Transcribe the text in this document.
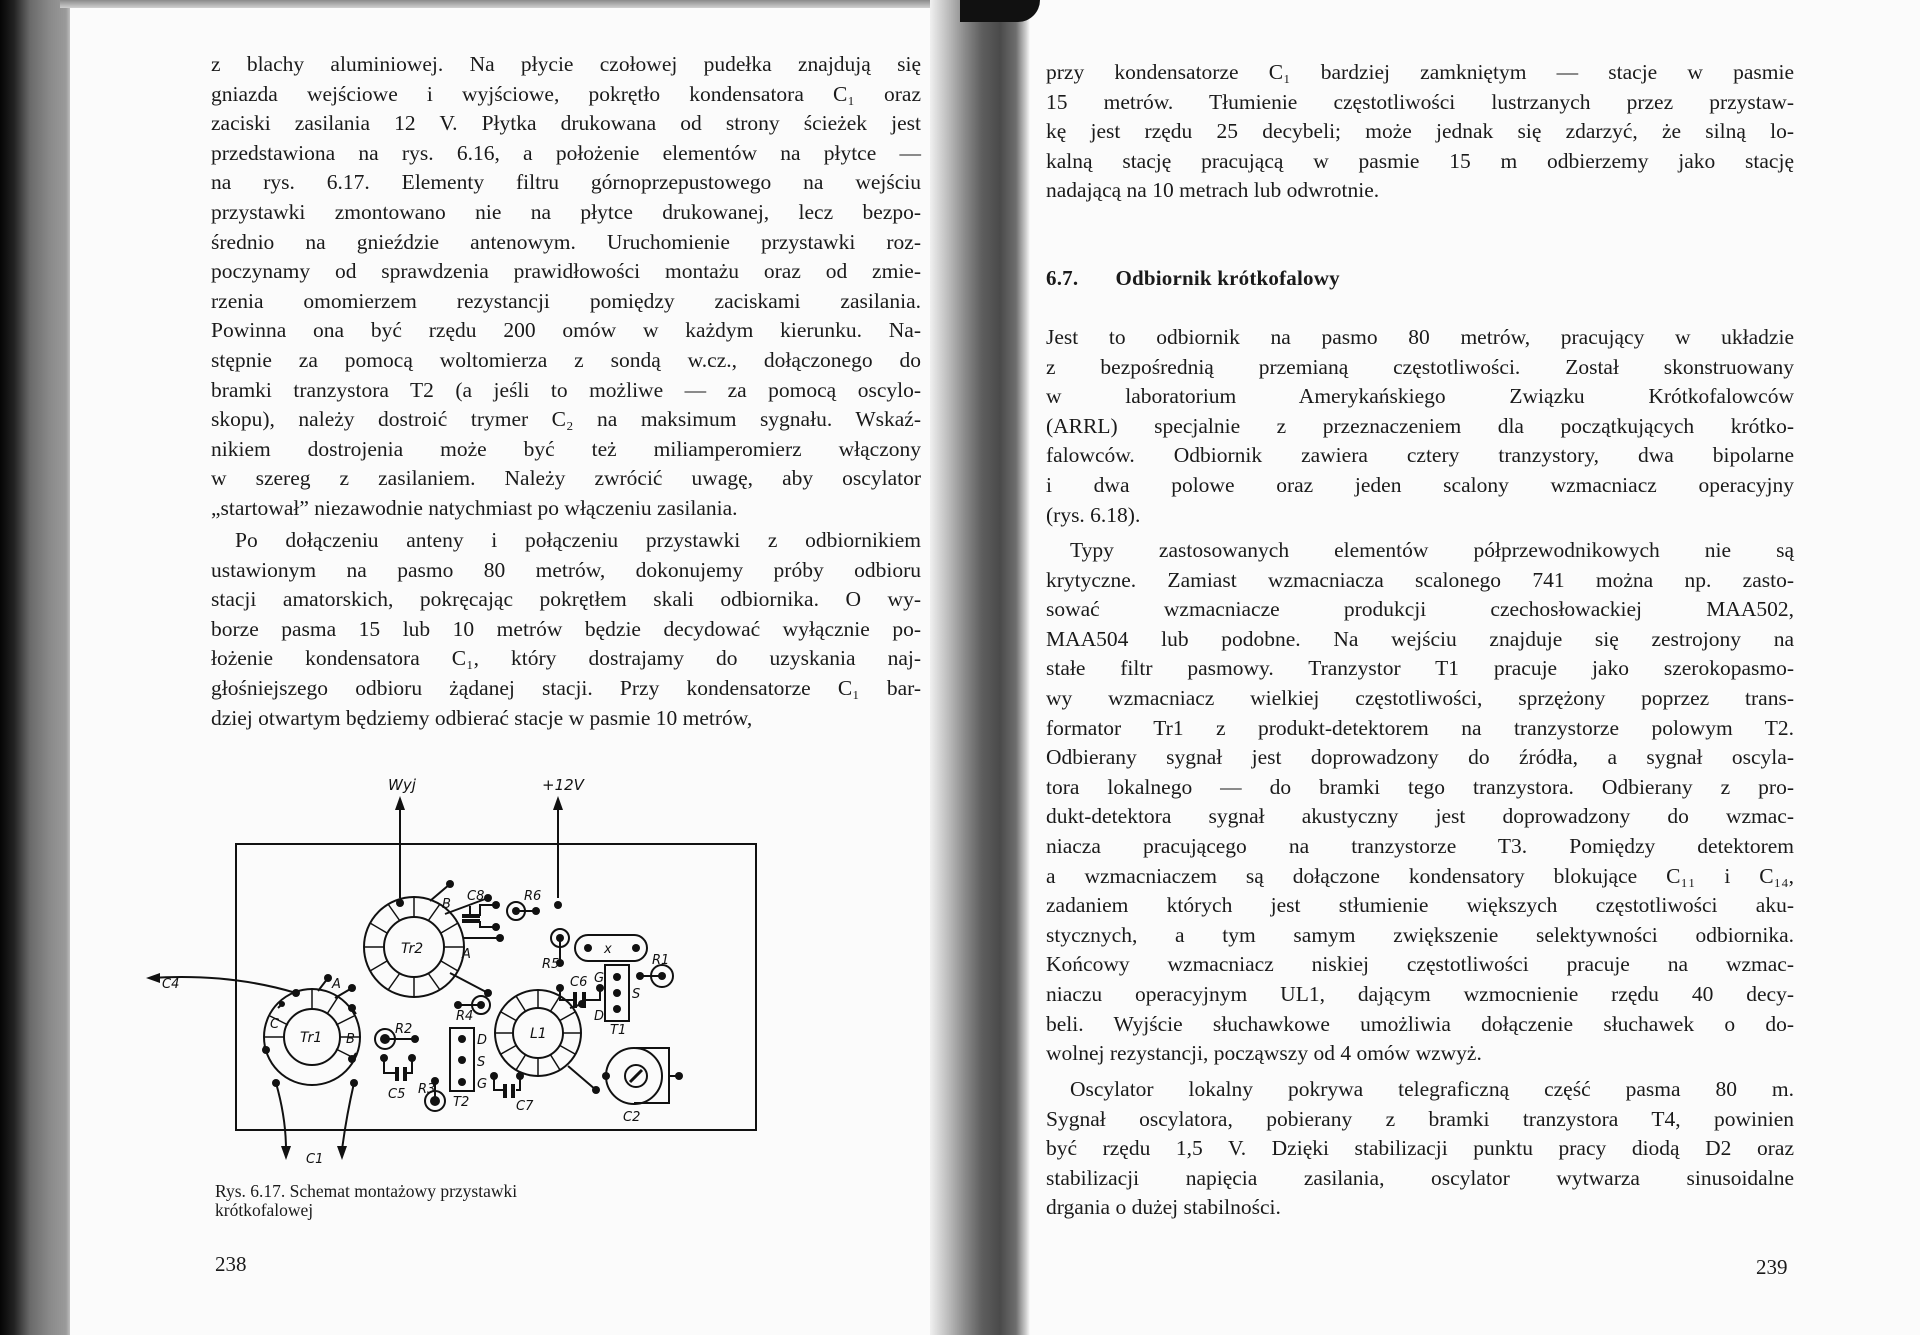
z blachy aluminiowej. Na płycie czołowej pudełka znajdują się
gniazda wejściowe i wyjściowe, pokrętło kondensatora C₁ oraz
zaciski zasilania 12 V. Płytka drukowana od strony ścieżek jest
przedstawiona na rys. 6.16, a położenie elementów na płytce —
na rys. 6.17. Elementy filtru górnoprzepustowego na wejściu
przystawki zmontowano nie na płytce drukowanej, lecz bezpo-
średnio na gnieździe antenowym. Uruchomienie przystawki roz-
poczynamy od sprawdzenia prawidłowości montażu oraz od zmie-
rzenia omomierzem rezystancji pomiędzy zaciskami zasilania.
Powinna ona być rzędu 200 omów w każdym kierunku. Na-
stępnie za pomocą woltomierza z sondą w.cz., dołączonego do
bramki tranzystora T2 (a jeśli to możliwe — za pomocą oscylo-
skopu), należy dostroić trymer C₂ na maksimum sygnału. Wskaź-
nikiem dostrojenia może być też miliamperomierz włączony
w szereg z zasilaniem. Należy zwrócić uwagę, aby oscylator
„startował” niezawodnie natychmiast po włączeniu zasilania.
Po dołączeniu anteny i połączeniu przystawki z odbiornikiem
ustawionym na pasmo 80 metrów, dokonujemy próby odbioru
stacji amatorskich, pokręcając pokrętłem skali odbiornika. O wy-
borze pasma 15 lub 10 metrów będzie decydować wyłącznie po-
łożenie kondensatora C₁, który dostrajamy do uzyskania naj-
głośniejszego odbioru żądanej stacji. Przy kondensatorze C₁ bar-
dziej otwartym będziemy odbierać stacje w pasmie 10 metrów,
Wyj	+12V
Tr2
Tr1	L1
C8	R6
R5
x
C6
R1
T1
R4
R2
C5 R3
T2	C7
C2
C4
C1
A
B
C
B
A
G
S
D
D
S
G
Rys. 6.17. Schemat montażowy przystawki
krótkofalowej
238
przy kondensatorze C₁ bardziej zamkniętym — stacje w pasmie
15 metrów. Tłumienie częstotliwości lustrzanych przez przystaw-
kę jest rzędu 25 decybeli; może jednak się zdarzyć, że silną lo-
kalną stację pracującą w pasmie 15 m odbierzemy jako stację
nadającą na 10 metrach lub odwrotnie.
6.7. Odbiornik krótkofalowy
Jest to odbiornik na pasmo 80 metrów, pracujący w układzie
z bezpośrednią przemianą częstotliwości. Został skonstruowany
w laboratorium Amerykańskiego Związku Krótkofalowców
(ARRL) specjalnie z przeznaczeniem dla początkujących krótko-
falowców. Odbiornik zawiera cztery tranzystory, dwa bipolarne
i dwa polowe oraz jeden scalony wzmacniacz operacyjny
(rys. 6.18).
Typy zastosowanych elementów półprzewodnikowych nie są
krytyczne. Zamiast wzmacniacza scalonego 741 można np. zasto-
sować wzmacniacze produkcji czechosłowackiej MAA502,
MAA504 lub podobne. Na wejściu znajduje się zestrojony na
stałe filtr pasmowy. Tranzystor T1 pracuje jako szerokopasmo-
wy wzmacniacz wielkiej częstotliwości, sprzężony poprzez trans-
formator Tr1 z produkt-detektorem na tranzystorze polowym T2.
Odbierany sygnał jest doprowadzony do źródła, a sygnał oscyla-
tora lokalnego — do bramki tego tranzystora. Odbierany z pro-
dukt-detektora sygnał akustyczny jest doprowadzony do wzmac-
niacza pracującego na tranzystorze T3. Pomiędzy detektorem
a wzmacniaczem są dołączone kondensatory blokujące C₁₁ i C₁₄,
zadaniem których jest stłumienie większych częstotliwości aku-
stycznych, a tym samym zwiększenie selektywności odbiornika.
Końcowy wzmacniacz niskiej częstotliwości pracuje na wzmac-
niaczu operacyjnym UL1, dającym wzmocnienie rzędu 40 decy-
beli. Wyjście słuchawkowe umożliwia dołączenie słuchawek o do-
wolnej rezystancji, począwszy od 4 omów wzwyż.
Oscylator lokalny pokrywa telegraficzną część pasma 80 m.
Sygnał oscylatora, pobierany z bramki tranzystora T4, powinien
być rzędu 1,5 V. Dzięki stabilizacji punktu pracy diodą D2 oraz
stabilizacji napięcia zasilania, oscylator wytwarza sinusoidalne
drgania o dużej stabilności.
239
